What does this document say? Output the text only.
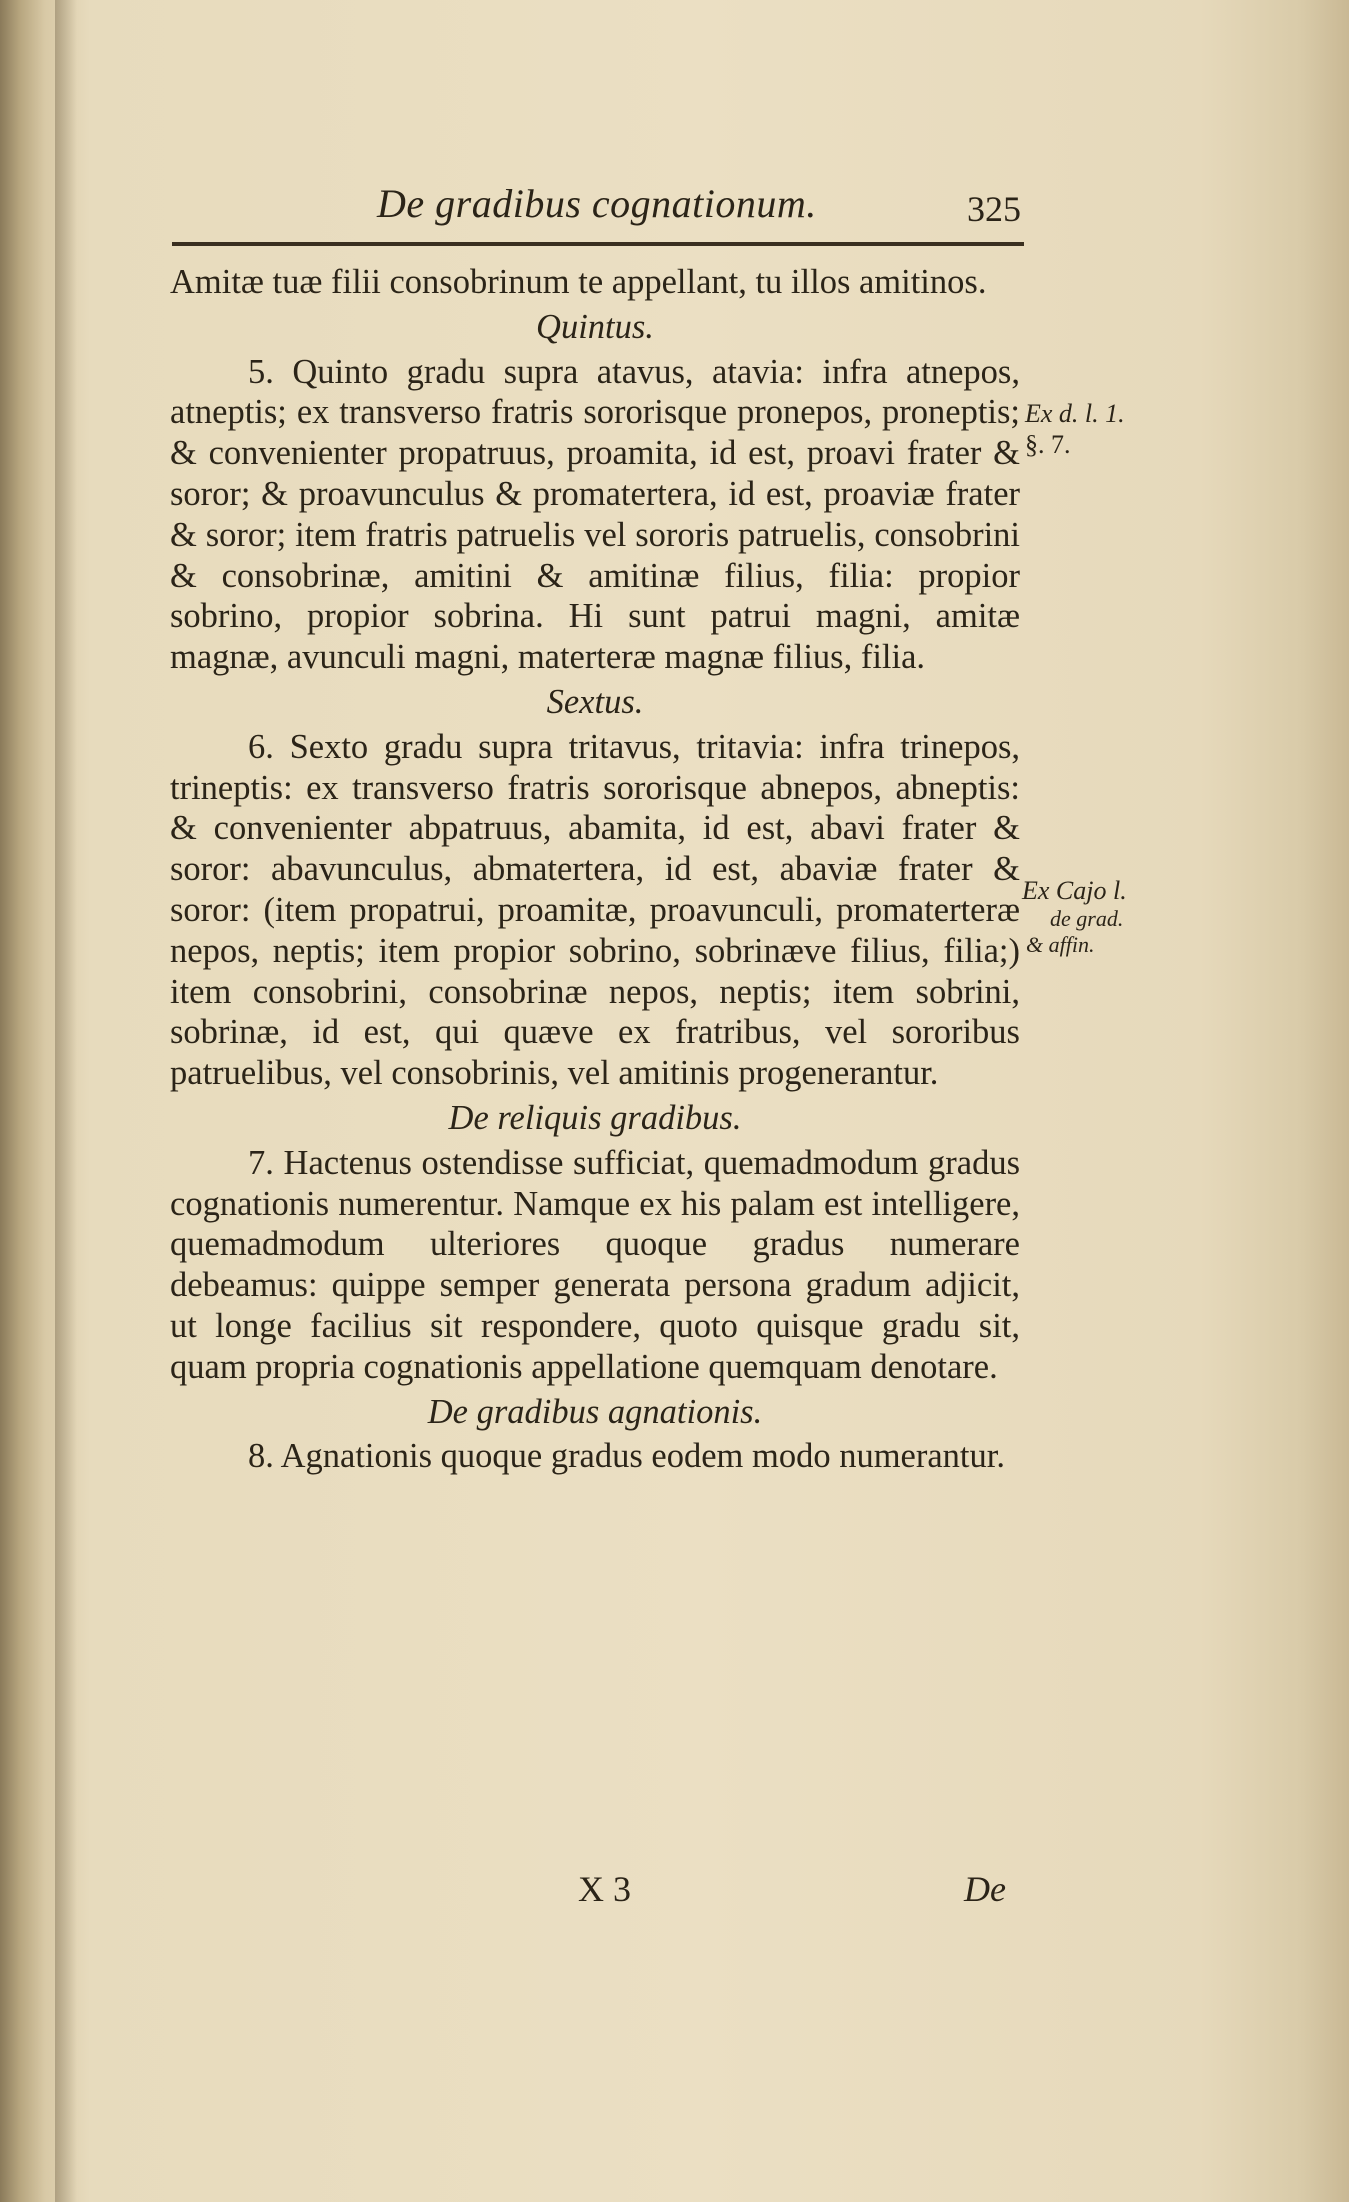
De gradibus cognationum.	325

Amitæ tuæ filii consobrinum te appellant, tu illos amitinos.

Quintus.

5. Quinto gradu supra atavus, atavia: infra atnepos, atneptis; ex transverso fratris sororisque pronepos, proneptis; & convenienter propatruus, proamita, id est, proavi frater & soror; & proavunculus & promatertera, id est, proaviæ frater & soror; item fratris patruelis vel sororis patruelis, consobrini & consobrinæ, amitini & amitinæ filius, filia: propior sobrino, propior sobrina. Hi sunt patrui magni, amitæ magnæ, avunculi magni, materteræ magnæ filius, filia.

Sextus.

6. Sexto gradu supra tritavus, tritavia: infra trinepos, trineptis: ex transverso fratris sororisque abnepos, abneptis: & convenienter abpatruus, abamita, id est, abavi frater & soror: abavunculus, abmatertera, id est, abaviæ frater & soror: (item propatrui, proamitæ, proavunculi, promaterteræ nepos, neptis; item propior sobrino, sobrinæve filius, filia;) item consobrini, consobrinæ nepos, neptis; item sobrini, sobrinæ, id est, qui quæve ex fratribus, vel sororibus patruelibus, vel consobrinis, vel amitinis progenerantur.

De reliquis gradibus.

7. Hactenus ostendisse sufficiat, quemadmodum gradus cognationis numerentur. Namque ex his palam est intelligere, quemadmodum ulteriores quoque gradus numerare debeamus: quippe semper generata persona gradum adjicit, ut longe facilius sit respondere, quoto quisque gradu sit, quam propria cognationis appellatione quemquam denotare.

De gradibus agnationis.

8. Agnationis quoque gradus eodem modo numerantur.

Ex d. l. 1.
§. 7.
Ex Cajo l.
de grad.
& affin.
X 3	De
